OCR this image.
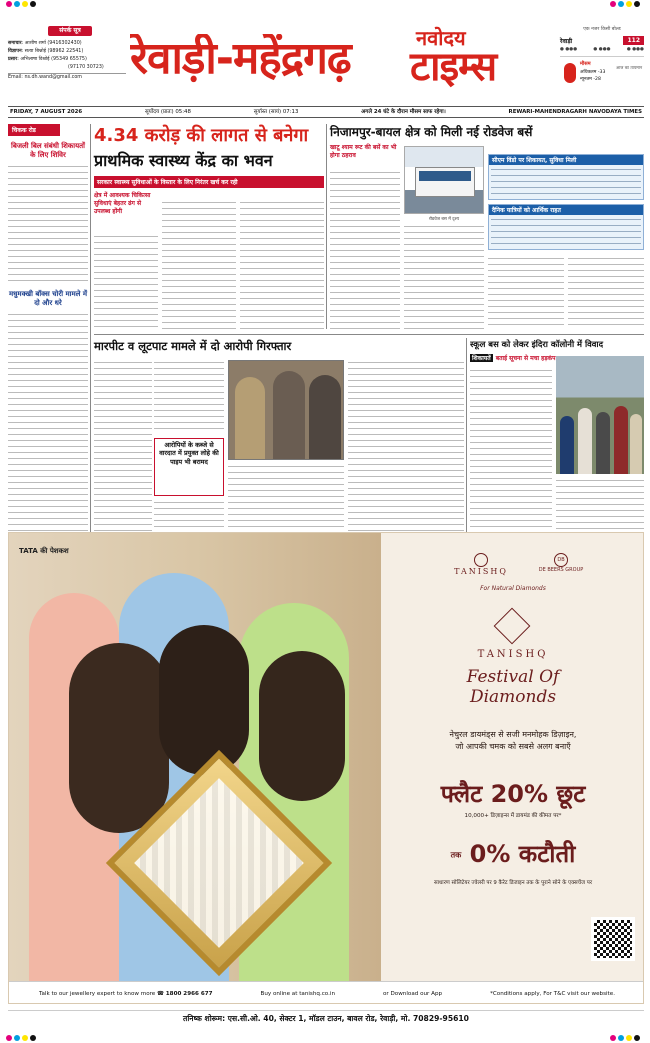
संपर्क सूत्र
समाचार: आशीष शर्मा (9416302430)
विज्ञापन: सत्या बिश्नोई (98962 22541)
प्रसार: अभिलाषा विश्नोई (95349 65575)
(97170 30723)
Email: ns.dh.wand@gmail.com	रेवाड़ी-महेंद्रगढ़	नवोदय
टाइम्स
एक नजर किसी बोल्ड
रेवाड़ी	112
● ●●●	● ●●●	● ●●●
मौसम
अधिकतम -33
न्यूनतम -28
आज का तापमान
FRIDAY, 7 AUGUST 2026	सूर्योदय (प्रातः) 05:48	सूर्यास्त (सायं) 07:13	अगले 24 घंटे के दौरान मौसम साफ रहेगा।	REWARI-MAHENDRAGARH NAVODAYA TIMES
चिकक रोड
बिजली बिल संबंधी शिकायतों के लिए शिविर
मधुमक्खी बॉक्स चोरी मामले में दो और धरे
4.34 करोड़ की लागत से बनेगा
प्राथमिक स्वास्थ्य केंद्र का भवन
सरकार स्वास्थ्य सुविधाओं के विस्तार के लिए निरंतर खर्च कर रही
क्षेत्र में आवश्यक चिकित्सा सुविधाएं बेहतर ढंग से उपलब्ध होंगी
निजामपुर-बायल क्षेत्र को मिली नई रोडवेज बसें
खाटू श्याम रूट की बसें का भी होगा ठहराव
रोडवेज बस में दृश्य
सीएम विंडो पर शिकायत, सुविधा मिली
दैनिक यात्रियों को आर्थिक राहत
मारपीट व लूटपाट मामले में दो आरोपी गिरफ्तार
आरोपियों के कब्जे से वारदात में प्रयुक्त लोहे की पाइप भी बरामद
स्कूल बस को लेकर इंदिरा कॉलोनी में विवाद
शिकायतें बताई सूचना से मचा हड़कंप
TATA की पेशकश
TANISHQ
DB
DE BEERS GROUP
For Natural Diamonds
TANISHQ
Festival Of Diamonds
नेचुरल डायमंड्स से सजी मनमोहक डिज़ाइन,
जो आपकी चमक को सबसे अलग बनाएँ
फ्लैट 20% छूट
10,000+ डिज़ाइन्स में डायमंड की कीमत पर*
तक 0% कटौती
साधारण सोलिटेयर ज्वेलरी पर 9 कैरेट डिजाइन तक के पुराने सोने के एक्सचेंज पर
Talk to our jewellery expert to know more ☎ 1800 2966 677	Buy online at tanishq.co.in	or Download our App	*Conditions apply, For T&C visit our website.
तनिष्क शोरूम: एस.सी.ओ. 40, सेक्टर 1, मॉडल टाउन, बावल रोड, रेवाड़ी, मो. 70829-95610
